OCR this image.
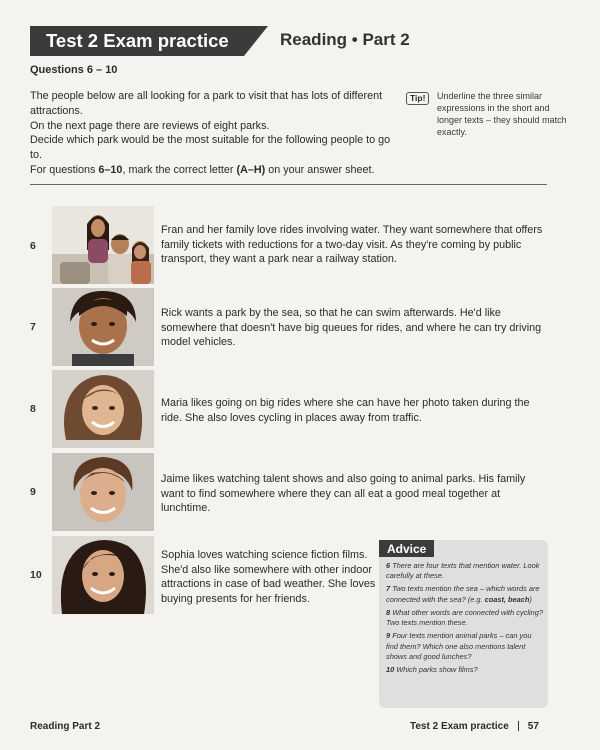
Test 2 Exam practice	Reading • Part 2
Questions 6 – 10

The people below are all looking for a park to visit that has lots of different attractions.

On the next page there are reviews of eight parks.

Decide which park would be the most suitable for the following people to go to.

For questions 6–10, mark the correct letter (A–H) on your answer sheet.

Tip!	Underline the three similar expressions in the short and longer texts – they should match exactly.
6
Fran and her family love rides involving water. They want somewhere that offers family tickets with reductions for a two-day visit. As they're coming by public transport, they want a park near a railway station.
7
Rick wants a park by the sea, so that he can swim afterwards. He'd like somewhere that doesn't have big queues for rides, and where he can try driving model vehicles.
8	Maria likes going on big rides where she can have her photo taken during the ride. She also loves cycling in places away from traffic.
9
Jaime likes watching talent shows and also going to animal parks. His family want to find somewhere where they can all eat a good meal together at lunchtime.
10
Sophia loves watching science fiction films. She'd also like somewhere with other indoor attractions in case of bad weather. She loves buying presents for her friends.
Advice

6 There are four texts that mention water. Look carefully at these.

7 Two texts mention the sea – which words are connected with the sea? (e.g. coast, beach)

8 What other words are connected with cycling? Two texts mention these.

9 Four texts mention animal parks – can you find them? Which one also mentions talent shows and good lunches?

10 Which parks show films?

Reading Part 2	Test 2 Exam practice 57
